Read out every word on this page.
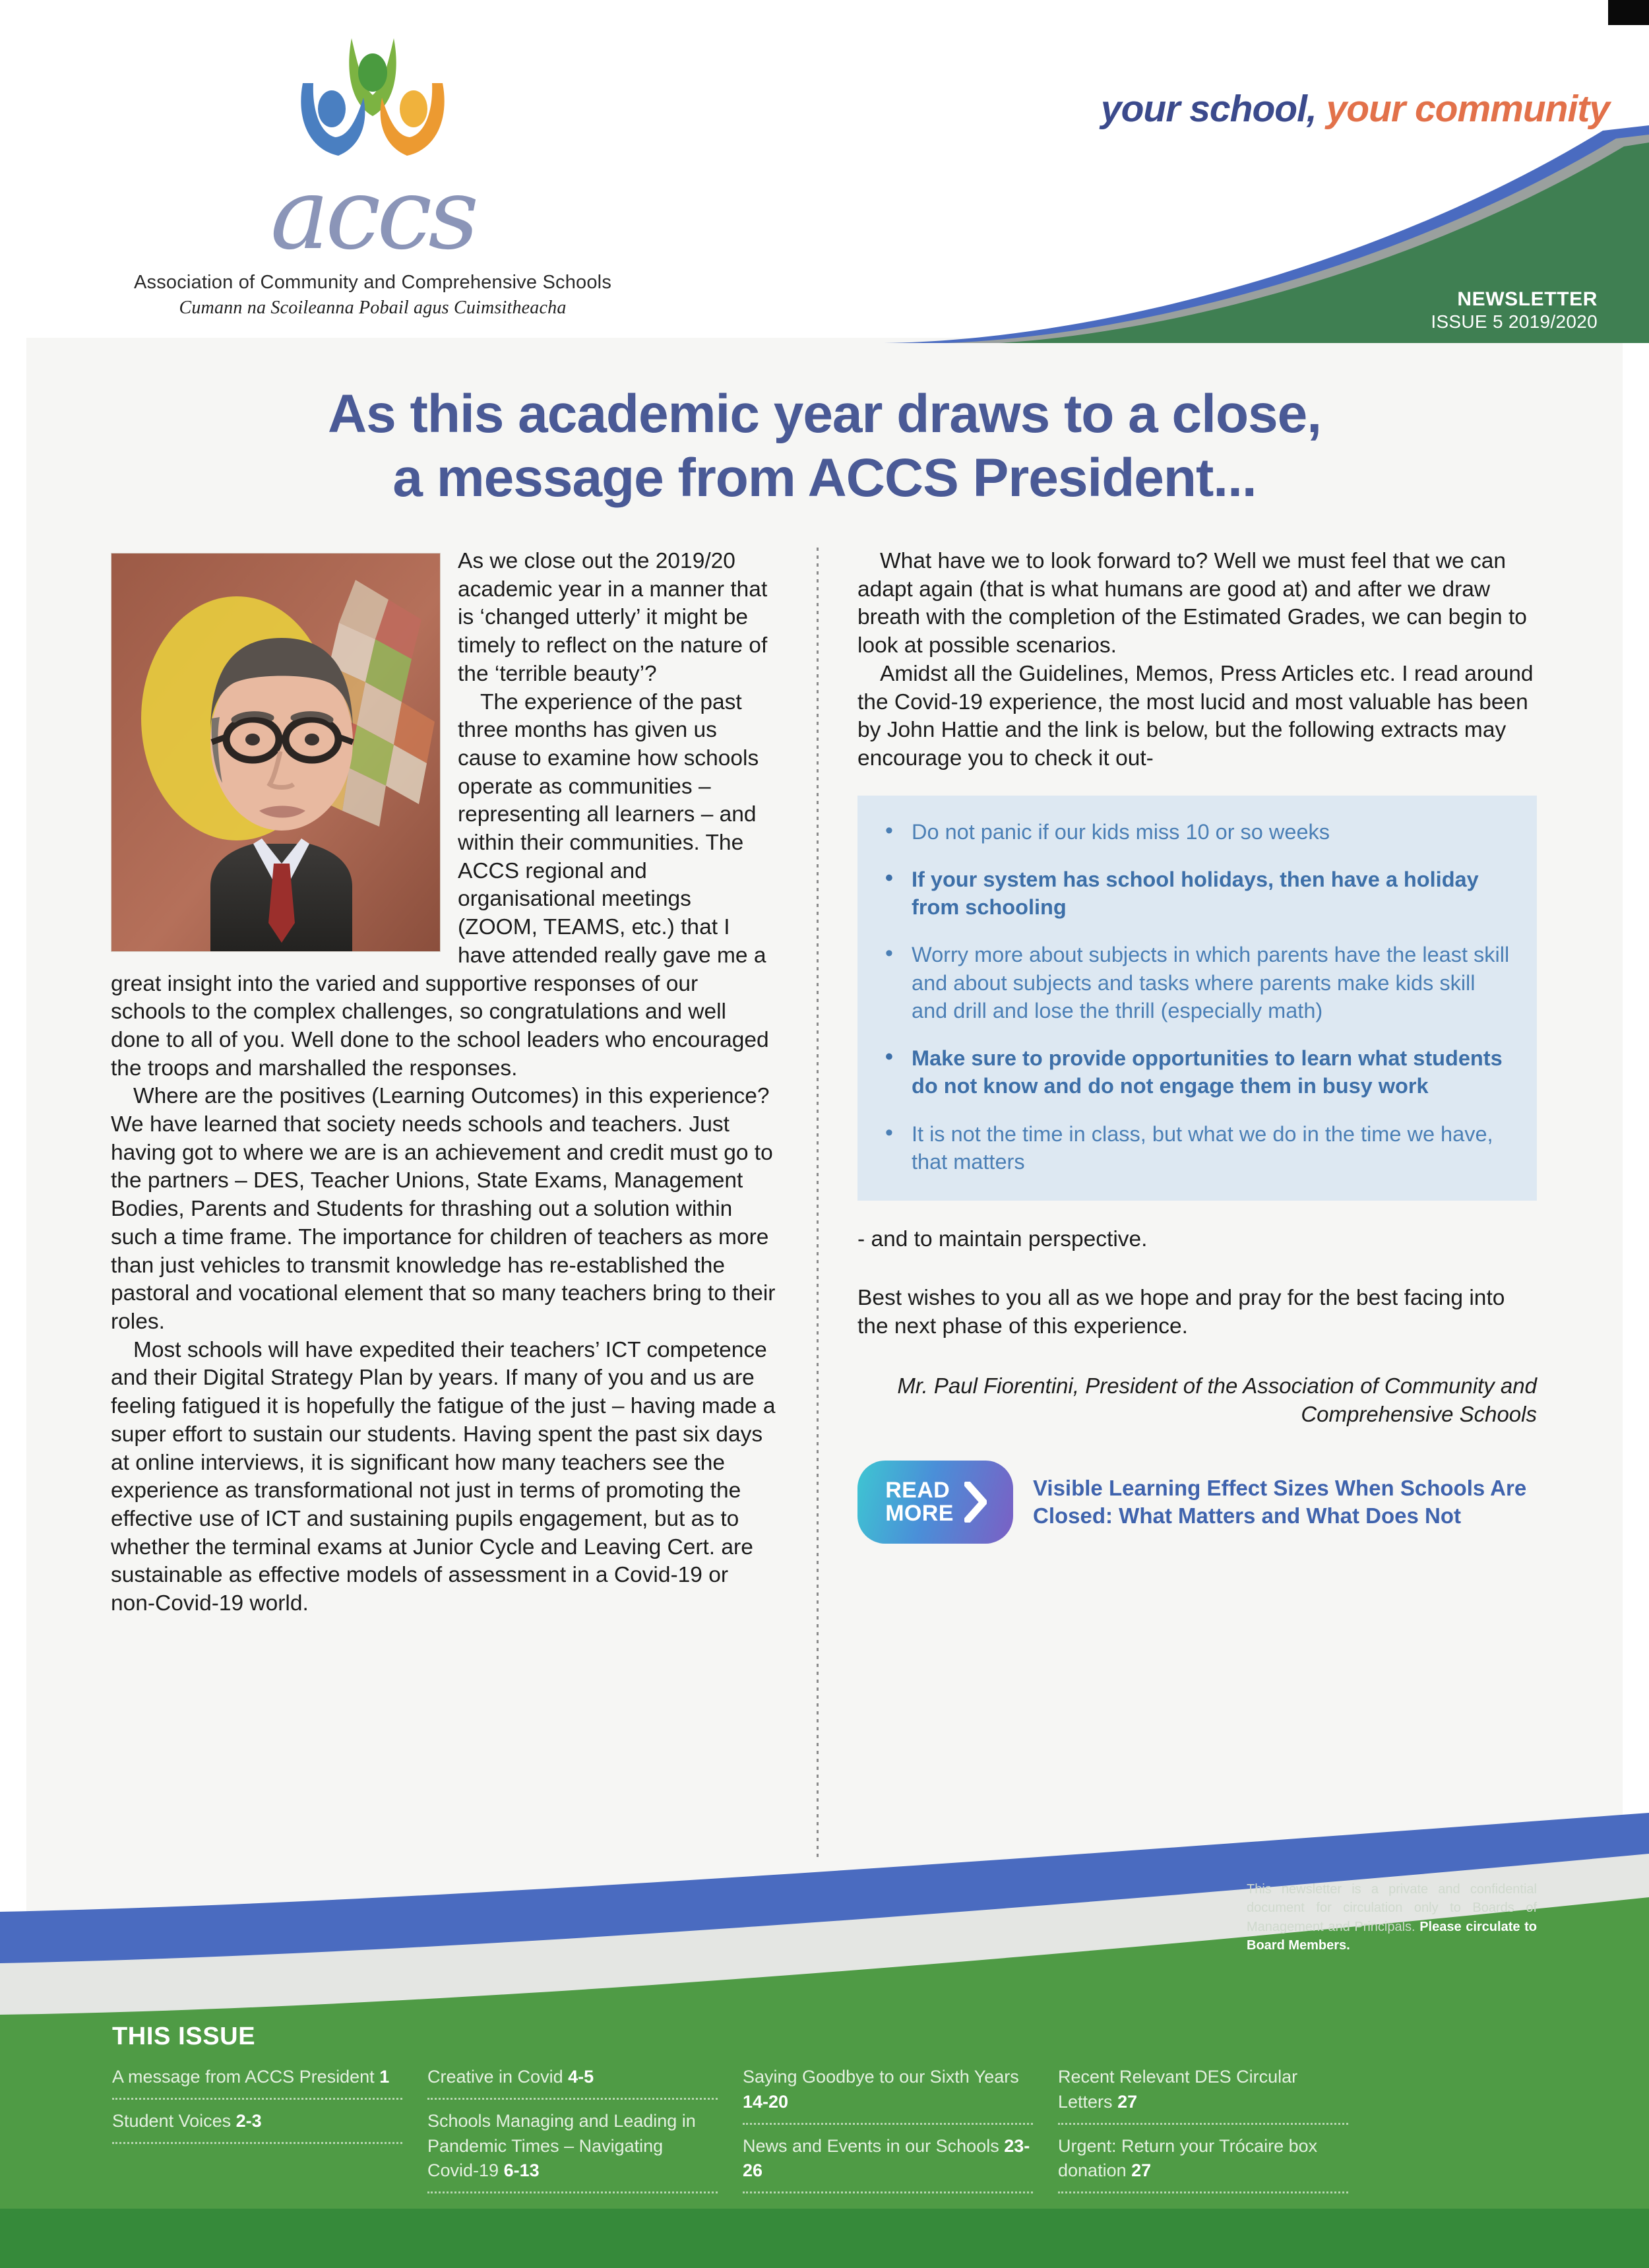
accs
Association of Community and Comprehensive Schools
Cumann na Scoileanna Pobail agus Cuimsitheacha
your school, your community
NEWSLETTER
ISSUE 5 2019/2020
As this academic year draws to a close,
a message from ACCS President...

As we close out the 2019/20 academic year in a manner that is ‘changed utterly’ it might be timely to reflect on the nature of the ‘terrible beauty’?

The experience of the past three months has given us cause to examine how schools operate as communities – representing all learners – and within their communities. The ACCS regional and organisational meetings (ZOOM, TEAMS, etc.) that I have attended really gave me a great insight into the varied and supportive responses of our schools to the complex challenges, so congratulations and well done to all of you. Well done to the school leaders who encouraged the troops and marshalled the responses.

Where are the positives (Learning Outcomes) in this experience? We have learned that society needs schools and teachers. Just having got to where we are is an achievement and credit must go to the partners – DES, Teacher Unions, State Exams, Management Bodies, Parents and Students for thrashing out a solution within such a time frame. The importance for children of teachers as more than just vehicles to transmit knowledge has re-established the pastoral and vocational element that so many teachers bring to their roles.

Most schools will have expedited their teachers’ ICT competence and their Digital Strategy Plan by years. If many of you and us are feeling fatigued it is hopefully the fatigue of the just – having made a super effort to sustain our students. Having spent the past six days at online interviews, it is significant how many teachers see the experience as transformational not just in terms of promoting the effective use of ICT and sustaining pupils engagement, but as to whether the terminal exams at Junior Cycle and Leaving Cert. are sustainable as effective models of assessment in a Covid-19 or non-Covid-19 world.

What have we to look forward to? Well we must feel that we can adapt again (that is what humans are good at) and after we draw breath with the completion of the Estimated Grades, we can begin to look at possible scenarios.

Amidst all the Guidelines, Memos, Press Articles etc. I read around the Covid-19 experience, the most lucid and most valuable has been by John Hattie and the link is below, but the following extracts may encourage you to check it out-

• Do not panic if our kids miss 10 or so weeks
• If your system has school holidays, then have a holiday from schooling
• Worry more about subjects in which parents have the least skill and about subjects and tasks where parents make kids skill and drill and lose the thrill (especially math)
• Make sure to provide opportunities to learn what students do not know and do not engage them in busy work
• It is not the time in class, but what we do in the time we have, that matters

- and to maintain perspective.

Best wishes to you all as we hope and pray for the best facing into the next phase of this experience.

Mr. Paul Fiorentini, President of the Association of Community and Comprehensive Schools

READ
MORE
Visible Learning Effect Sizes When Schools Are Closed: What Matters and What Does Not
This newsletter is a private and confidential document for circulation only to Boards of Management and Principals. Please circulate to Board Members.
THIS ISSUE
A message from ACCS President 1
Student Voices 2-3
Creative in Covid 4-5
Schools Managing and Leading in Pandemic Times – Navigating Covid-19 6-13
Saying Goodbye to our Sixth Years 14-20
News and Events in our Schools 23-26
Recent Relevant DES Circular Letters 27
Urgent: Return your Trócaire box donation 27
